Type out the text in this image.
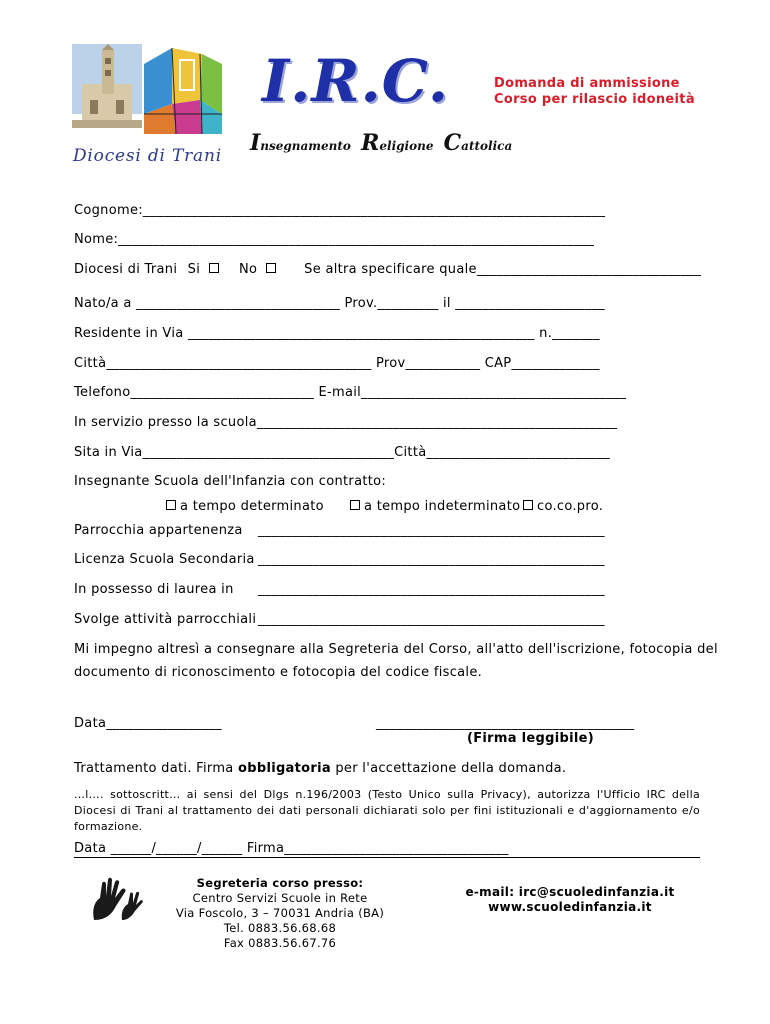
Diocesi di Trani
I.R.C.
Insegnamento Religione Cattolica
Domanda di ammissione
Corso per rilascio idoneità
Cognome:____________________________________________________________________
Nome:______________________________________________________________________
Diocesi di Trani Si	No	Se altra specificare quale_________________________________
Nato/a a ______________________________ Prov._________ il ______________________
Residente in Via ___________________________________________________ n._______
Città_______________________________________ Prov___________ CAP_____________
Telefono___________________________ E-mail_______________________________________
In servizio presso la scuola_____________________________________________________
Sita in Via_____________________________________Città___________________________
Insegnante Scuola dell'Infanzia con contratto:
a tempo determinato	a tempo indeterminato	co.co.pro.
Parrocchia appartenenza ___________________________________________________
Licenza Scuola Secondaria ___________________________________________________
In possesso di laurea in ___________________________________________________
Svolge attività parrocchiali ___________________________________________________
Mi impegno altresì a consegnare alla Segreteria del Corso, all'atto dell'iscrizione, fotocopia del
documento di riconoscimento e fotocopia del codice fiscale.
Data_________________	______________________________________
(Firma leggibile)
Trattamento dati. Firma obbligatoria per l'accettazione della domanda.
…l…. sottoscritt… ai sensi del Dlgs n.196/2003 (Testo Unico sulla Privacy), autorizza l'Ufficio IRC della Diocesi di Trani al trattamento dei dati personali dichiarati solo per fini istituzionali e d'aggiornamento e/o formazione.
Data ______/______/______ Firma_________________________________
Segreteria corso presso:
Centro Servizi Scuole in Rete
Via Foscolo, 3 – 70031 Andria (BA)
Tel. 0883.56.68.68
Fax 0883.56.67.76
e-mail: irc@scuoledinfanzia.it
www.scuoledinfanzia.it
